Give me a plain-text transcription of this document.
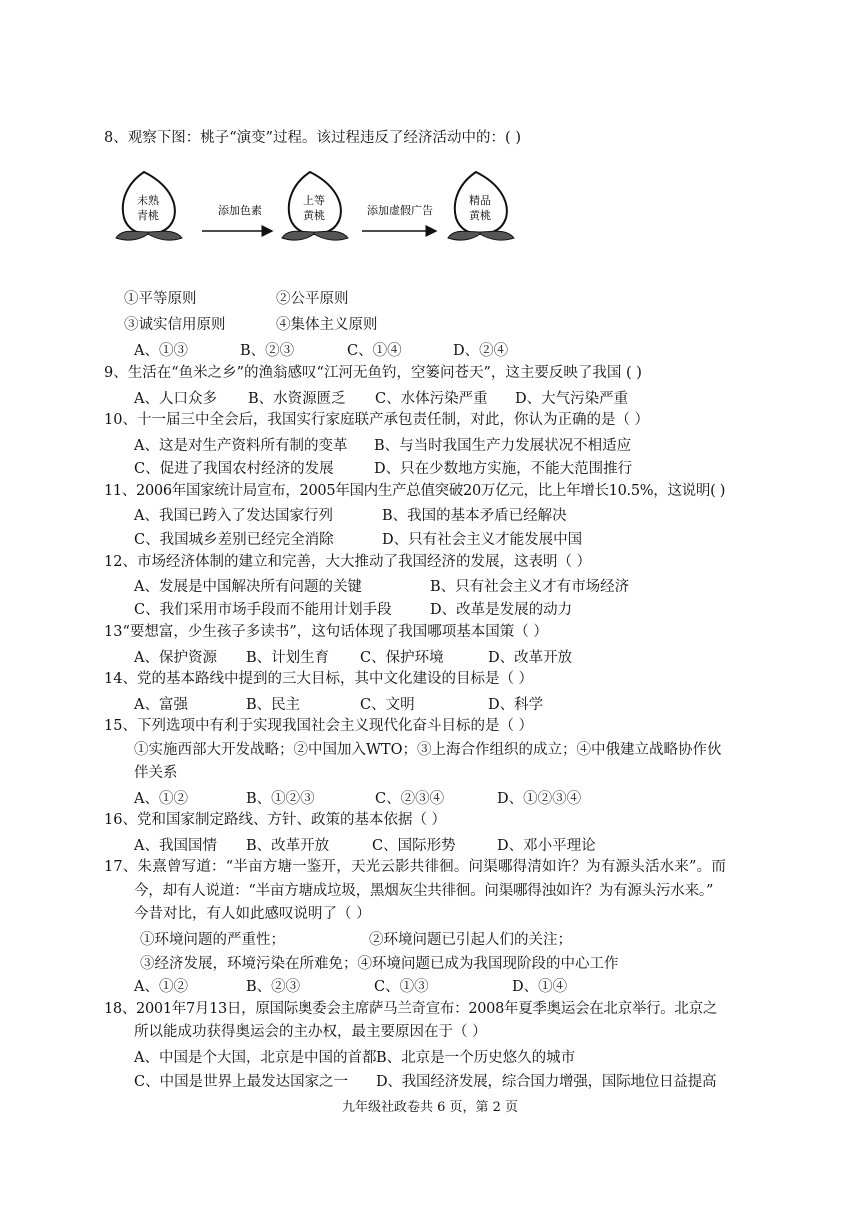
8、观察下图：桃子“演变”过程。该过程违反了经济活动中的：( )
未熟
青桃	添加色素
上等
黄桃	添加虚假广告
精品
黄桃
①平等原则	②公平原则
③诚实信用原则	④集体主义原则
A、①③	B、②③	C、①④	D、②④
9、生活在“鱼米之乡”的渔翁感叹“江河无鱼钓，空篓问苍天”，这主要反映了我国 ( )
A、人口众多 B、水资源匮乏 C、水体污染严重 D、大气污染严重
10、十一届三中全会后，我国实行家庭联产承包责任制，对此，你认为正确的是（ ）
A、这是对生产资料所有制的变革 B、与当时我国生产力发展状况不相适应
C、促进了我国农村经济的发展	D、只在少数地方实施，不能大范围推行
11、2006年国家统计局宣布，2005年国内生产总值突破20万亿元，比上年增长10.5%，这说明( )
A、我国已跨入了发达国家行列	B、我国的基本矛盾已经解决
C、我国城乡差别已经完全消除	D、只有社会主义才能发展中国
12、市场经济体制的建立和完善，大大推动了我国经济的发展，这表明（ ）
A、发展是中国解决所有问题的关键	B、只有社会主义才有市场经济
C、我们采用市场手段而不能用计划手段	D、改革是发展的动力
13“要想富，少生孩子多读书”，这句话体现了我国哪项基本国策（ ）
A、保护资源 B、计划生育 C、保护环境	D、改革开放
14、党的基本路线中提到的三大目标，其中文化建设的目标是（ ）
A、富强	B、民主	C、文明	D、科学
15、下列选项中有利于实现我国社会主义现代化奋斗目标的是（ ）
①实施西部大开发战略；②中国加入WTO；③上海合作组织的成立；④中俄建立战略协作伙
伴关系
A、①②	B、①②③	C、②③④	D、①②③④
16、党和国家制定路线、方针、政策的基本依据（ ）
A、我国国情 B、改革开放	C、国际形势	D、邓小平理论
17、朱熹曾写道：“半亩方塘一鉴开，天光云影共徘徊。问渠哪得清如许？为有源头活水来”。而
今，却有人说道：“半亩方塘成垃圾，黑烟灰尘共徘徊。问渠哪得浊如许？为有源头污水来。”
今昔对比，有人如此感叹说明了（ ）
①环境问题的严重性；	②环境问题已引起人们的关注；
③经济发展，环境污染在所难免；④环境问题已成为我国现阶段的中心工作
A、①②	B、②③	C、①③	D、①④
18、2001年7月13日，原国际奥委会主席萨马兰奇宣布：2008年夏季奥运会在北京举行。北京之
所以能成功获得奥运会的主办权，最主要原因在于（ ）
A、中国是个大国，北京是中国的首都 B、北京是一个历史悠久的城市
C、中国是世界上最发达国家之一 D、我国经济发展，综合国力增强，国际地位日益提高
九年级社政卷共 6 页，第 2 页
